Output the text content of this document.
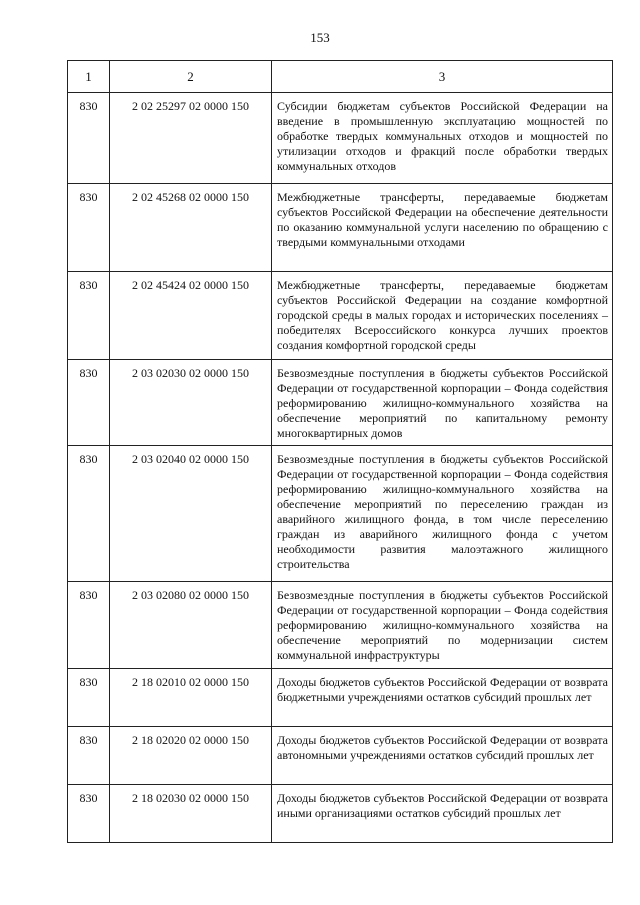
153
1	2	3
830	2 02 25297 02 0000 150	Субсидии бюджетам субъектов Российской Федерации на введение в промышленную эксплуатацию мощностей по обработке твердых коммунальных отходов и мощностей по утилизации отходов и фракций после обработки твердых коммунальных отходов
830	2 02 45268 02 0000 150	Межбюджетные трансферты, передаваемые бюджетам субъектов Российской Федерации на обеспечение деятельности по оказанию коммунальной услуги населению по обращению с твердыми коммунальными отходами
830	2 02 45424 02 0000 150	Межбюджетные трансферты, передаваемые бюджетам субъектов Российской Федерации на создание комфортной городской среды в малых городах и исторических поселениях – победителях Всероссийского конкурса лучших проектов создания комфортной городской среды
830	2 03 02030 02 0000 150	Безвозмездные поступления в бюджеты субъектов Российской Федерации от государственной корпорации – Фонда содействия реформированию жилищно-коммунального хозяйства на обеспечение мероприятий по капитальному ремонту многоквартирных домов
830	2 03 02040 02 0000 150	Безвозмездные поступления в бюджеты субъектов Российской Федерации от государственной корпорации – Фонда содействия реформированию жилищно-коммунального хозяйства на обеспечение мероприятий по переселению граждан из аварийного жилищного фонда, в том числе переселению граждан из аварийного жилищного фонда с учетом необходимости развития малоэтажного жилищного строительства
830	2 03 02080 02 0000 150	Безвозмездные поступления в бюджеты субъектов Российской Федерации от государственной корпорации – Фонда содействия реформированию жилищно-коммунального хозяйства на обеспечение мероприятий по модернизации систем коммунальной инфраструктуры
830	2 18 02010 02 0000 150	Доходы бюджетов субъектов Российской Федерации от возврата бюджетными учреждениями остатков субсидий прошлых лет
830	2 18 02020 02 0000 150	Доходы бюджетов субъектов Российской Федерации от возврата автономными учреждениями остатков субсидий прошлых лет
830	2 18 02030 02 0000 150	Доходы бюджетов субъектов Российской Федерации от возврата иными организациями остатков субсидий прошлых лет
